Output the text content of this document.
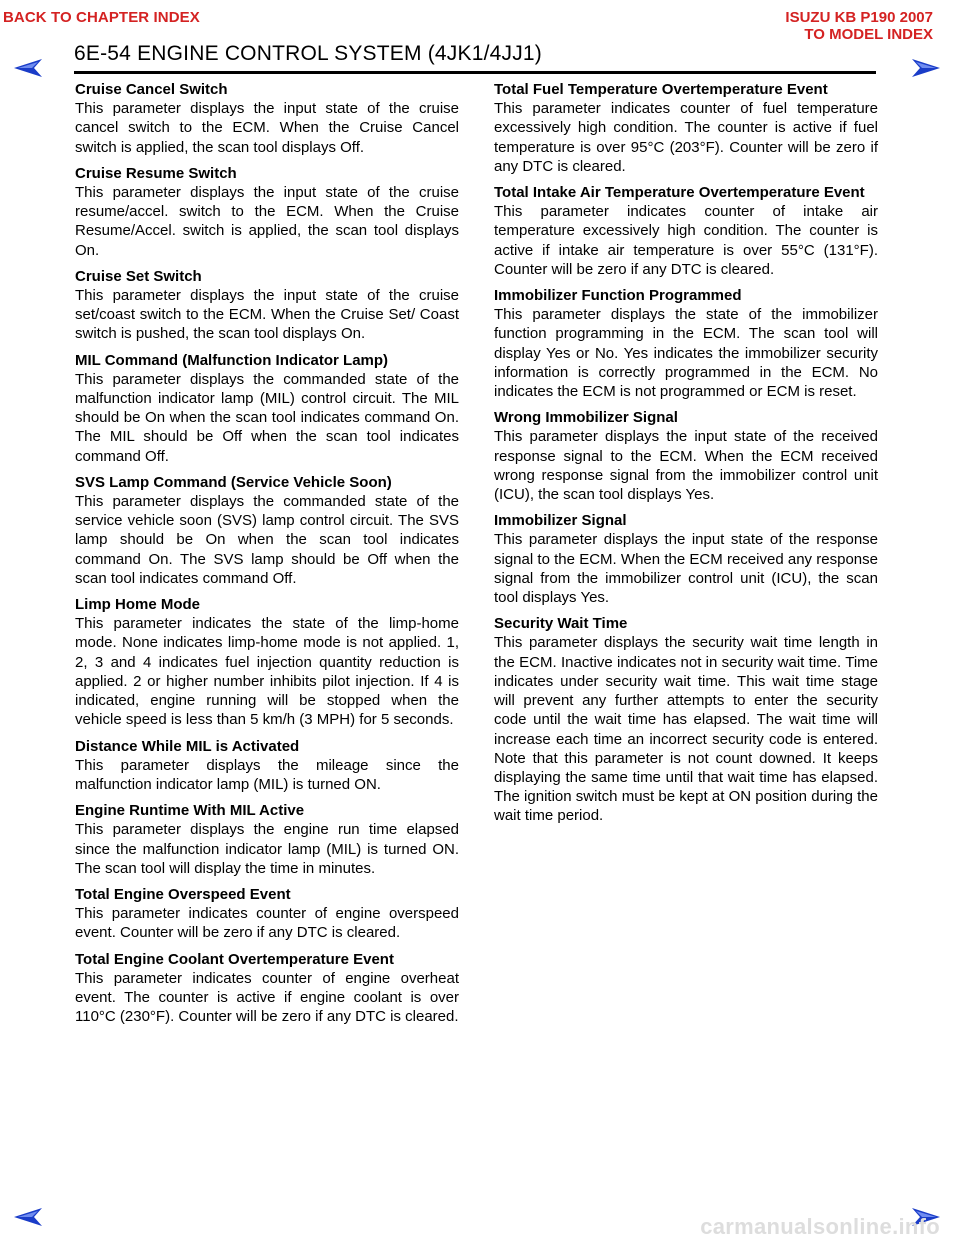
BACK TO CHAPTER INDEX	ISUZU KB P190 2007
TO MODEL INDEX
6E-54 ENGINE CONTROL SYSTEM (4JK1/4JJ1)
Cruise Cancel Switch

This parameter displays the input state of the cruise cancel switch to the ECM. When the Cruise Cancel switch is applied, the scan tool displays Off.

Cruise Resume Switch

This parameter displays the input state of the cruise resume/accel. switch to the ECM. When the Cruise Resume/Accel. switch is applied, the scan tool displays On.

Cruise Set Switch

This parameter displays the input state of the cruise set/coast switch to the ECM. When the Cruise Set/ Coast switch is pushed, the scan tool displays On.

MIL Command (Malfunction Indicator Lamp)

This parameter displays the commanded state of the malfunction indicator lamp (MIL) control circuit. The MIL should be On when the scan tool indicates command On. The MIL should be Off when the scan tool indicates command Off.

SVS Lamp Command (Service Vehicle Soon)

This parameter displays the commanded state of the service vehicle soon (SVS) lamp control circuit. The SVS lamp should be On when the scan tool indicates command On. The SVS lamp should be Off when the scan tool indicates command Off.

Limp Home Mode

This parameter indicates the state of the limp-home mode. None indicates limp-home mode is not applied. 1, 2, 3 and 4 indicates fuel injection quantity reduction is applied. 2 or higher number inhibits pilot injection. If 4 is indicated, engine running will be stopped when the vehicle speed is less than 5 km/h (3 MPH) for 5 seconds.

Distance While MIL is Activated

This parameter displays the mileage since the malfunction indicator lamp (MIL) is turned ON.

Engine Runtime With MIL Active

This parameter displays the engine run time elapsed since the malfunction indicator lamp (MIL) is turned ON. The scan tool will display the time in minutes.

Total Engine Overspeed Event

This parameter indicates counter of engine overspeed event. Counter will be zero if any DTC is cleared.

Total Engine Coolant Overtemperature Event

This parameter indicates counter of engine overheat event. The counter is active if engine coolant is over 110°C (230°F). Counter will be zero if any DTC is cleared.

Total Fuel Temperature Overtemperature Event

This parameter indicates counter of fuel temperature excessively high condition. The counter is active if fuel temperature is over 95°C (203°F). Counter will be zero if any DTC is cleared.

Total Intake Air Temperature Overtemperature Event

This parameter indicates counter of intake air temperature excessively high condition. The counter is active if intake air temperature is over 55°C (131°F). Counter will be zero if any DTC is cleared.

Immobilizer Function Programmed

This parameter displays the state of the immobilizer function programming in the ECM. The scan tool will display Yes or No. Yes indicates the immobilizer security information is correctly programmed in the ECM. No indicates the ECM is not programmed or ECM is reset.

Wrong Immobilizer Signal

This parameter displays the input state of the received response signal to the ECM. When the ECM received wrong response signal from the immobilizer control unit (ICU), the scan tool displays Yes.

Immobilizer Signal

This parameter displays the input state of the response signal to the ECM. When the ECM received any response signal from the immobilizer control unit (ICU), the scan tool displays Yes.

Security Wait Time

This parameter displays the security wait time length in the ECM. Inactive indicates not in security wait time. Time indicates under security wait time. This wait time stage will prevent any further attempts to enter the security code until the wait time has elapsed. The wait time will increase each time an incorrect security code is entered. Note that this parameter is not count downed. It keeps displaying the same time until that wait time has elapsed. The ignition switch must be kept at ON position during the wait time period.

carmanualsonline.info
